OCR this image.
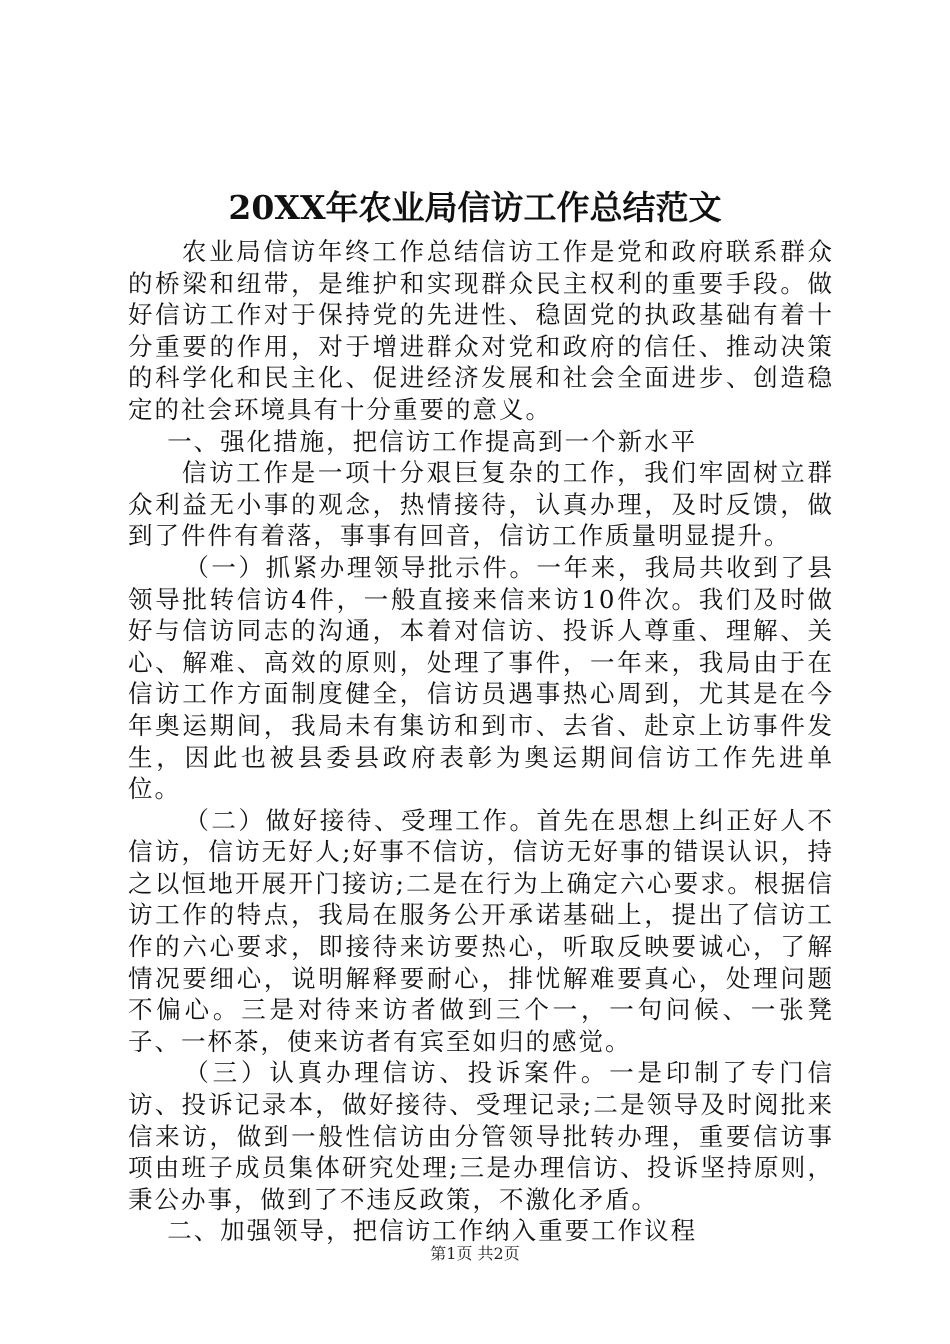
20XX年农业局信访工作总结范文

农业局信访年终工作总结信访工作是党和政府联系群众的桥梁和纽带，是维护和实现群众民主权利的重要手段。做好信访工作对于保持党的先进性、稳固党的执政基础有着十分重要的作用，对于增进群众对党和政府的信任、推动决策的科学化和民主化、促进经济发展和社会全面进步、创造稳定的社会环境具有十分重要的意义。

一、强化措施，把信访工作提高到一个新水平

信访工作是一项十分艰巨复杂的工作，我们牢固树立群众利益无小事的观念，热情接待，认真办理，及时反馈，做到了件件有着落，事事有回音，信访工作质量明显提升。

（一）抓紧办理领导批示件。一年来，我局共收到了县领导批转信访4件，一般直接来信来访10件次。我们及时做好与信访同志的沟通，本着对信访、投诉人尊重、理解、关心、解难、高效的原则，处理了事件，一年来，我局由于在信访工作方面制度健全，信访员遇事热心周到，尤其是在今年奥运期间，我局未有集访和到市、去省、赴京上访事件发生，因此也被县委县政府表彰为奥运期间信访工作先进单位。

（二）做好接待、受理工作。首先在思想上纠正好人不信访，信访无好人;好事不信访，信访无好事的错误认识，持之以恒地开展开门接访;二是在行为上确定六心要求。根据信访工作的特点，我局在服务公开承诺基础上，提出了信访工作的六心要求，即接待来访要热心，听取反映要诚心，了解情况要细心，说明解释要耐心，排忧解难要真心，处理问题不偏心。三是对待来访者做到三个一，一句问候、一张凳子、一杯茶，使来访者有宾至如归的感觉。

（三）认真办理信访、投诉案件。一是印制了专门信访、投诉记录本，做好接待、受理记录;二是领导及时阅批来信来访，做到一般性信访由分管领导批转办理，重要信访事项由班子成员集体研究处理;三是办理信访、投诉坚持原则，秉公办事，做到了不违反政策，不激化矛盾。

二、加强领导，把信访工作纳入重要工作议程

第1页 共2页
